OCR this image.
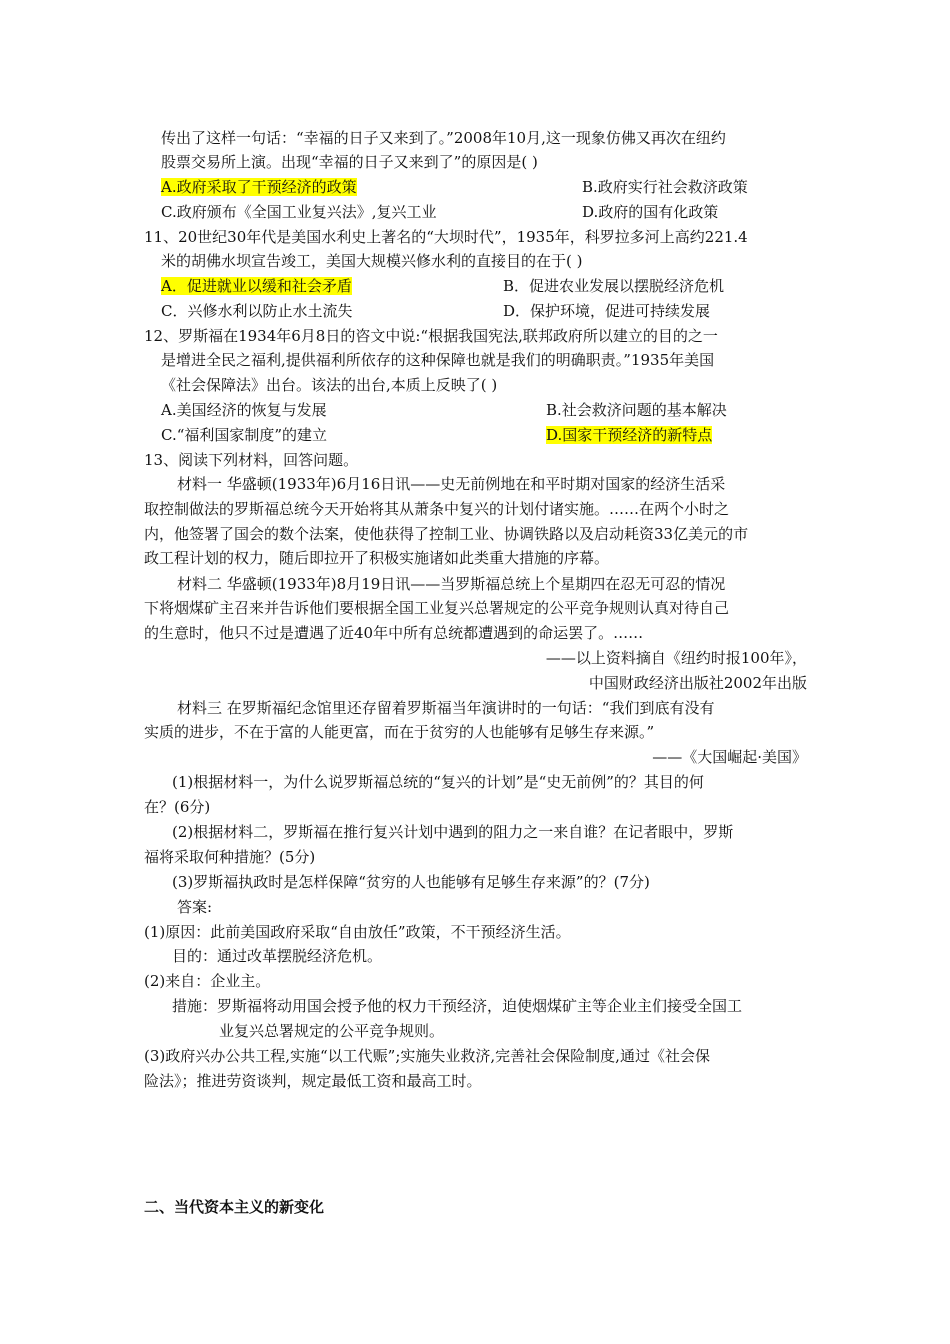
传出了这样一句话：“幸福的日子又来到了。”2008年10月,这一现象仿佛又再次在纽约
股票交易所上演。出现“幸福的日子又来到了”的原因是( )
A.政府采取了干预经济的政策	B.政府实行社会救济政策
C.政府颁布《全国工业复兴法》,复兴工业	D.政府的国有化政策
11、20世纪30年代是美国水利史上著名的“大坝时代”，1935年，科罗拉多河上高约221.4
米的胡佛水坝宣告竣工，美国大规模兴修水利的直接目的在于( )
A．促进就业以缓和社会矛盾	B．促进农业发展以摆脱经济危机
C．兴修水利以防止水土流失	D．保护环境，促进可持续发展
12、罗斯福在1934年6月8日的咨文中说:“根据我国宪法,联邦政府所以建立的目的之一
是增进全民之福利,提供福利所依存的这种保障也就是我们的明确职责。”1935年美国
《社会保障法》出台。该法的出台,本质上反映了( )
A.美国经济的恢复与发展	B.社会救济问题的基本解决
C.“福利国家制度”的建立	D.国家干预经济的新特点
13、阅读下列材料，回答问题。
材料一 华盛顿(1933年)6月16日讯——史无前例地在和平时期对国家的经济生活采
取控制做法的罗斯福总统今天开始将其从萧条中复兴的计划付诸实施。……在两个小时之
内，他签署了国会的数个法案，使他获得了控制工业、协调铁路以及启动耗资33亿美元的市
政工程计划的权力，随后即拉开了积极实施诸如此类重大措施的序幕。
材料二 华盛顿(1933年)8月19日讯——当罗斯福总统上个星期四在忍无可忍的情况
下将烟煤矿主召来并告诉他们要根据全国工业复兴总署规定的公平竞争规则认真对待自己
的生意时，他只不过是遭遇了近40年中所有总统都遭遇到的命运罢了。……
——以上资料摘自《纽约时报100年》，
中国财政经济出版社2002年出版
材料三 在罗斯福纪念馆里还存留着罗斯福当年演讲时的一句话：“我们到底有没有
实质的进步，不在于富的人能更富，而在于贫穷的人也能够有足够生存来源。”
——《大国崛起·美国》
(1)根据材料一，为什么说罗斯福总统的“复兴的计划”是“史无前例”的？其目的何
在？(6分)
(2)根据材料二，罗斯福在推行复兴计划中遇到的阻力之一来自谁？在记者眼中，罗斯
福将采取何种措施？(5分)
(3)罗斯福执政时是怎样保障“贫穷的人也能够有足够生存来源”的？(7分)
答案:
(1)原因：此前美国政府采取“自由放任”政策，不干预经济生活。
目的：通过改革摆脱经济危机。
(2)来自：企业主。
措施：罗斯福将动用国会授予他的权力干预经济，迫使烟煤矿主等企业主们接受全国工
业复兴总署规定的公平竞争规则。
(3)政府兴办公共工程,实施“以工代赈”;实施失业救济,完善社会保险制度,通过《社会保
险法》；推进劳资谈判，规定最低工资和最高工时。
二、当代资本主义的新变化
